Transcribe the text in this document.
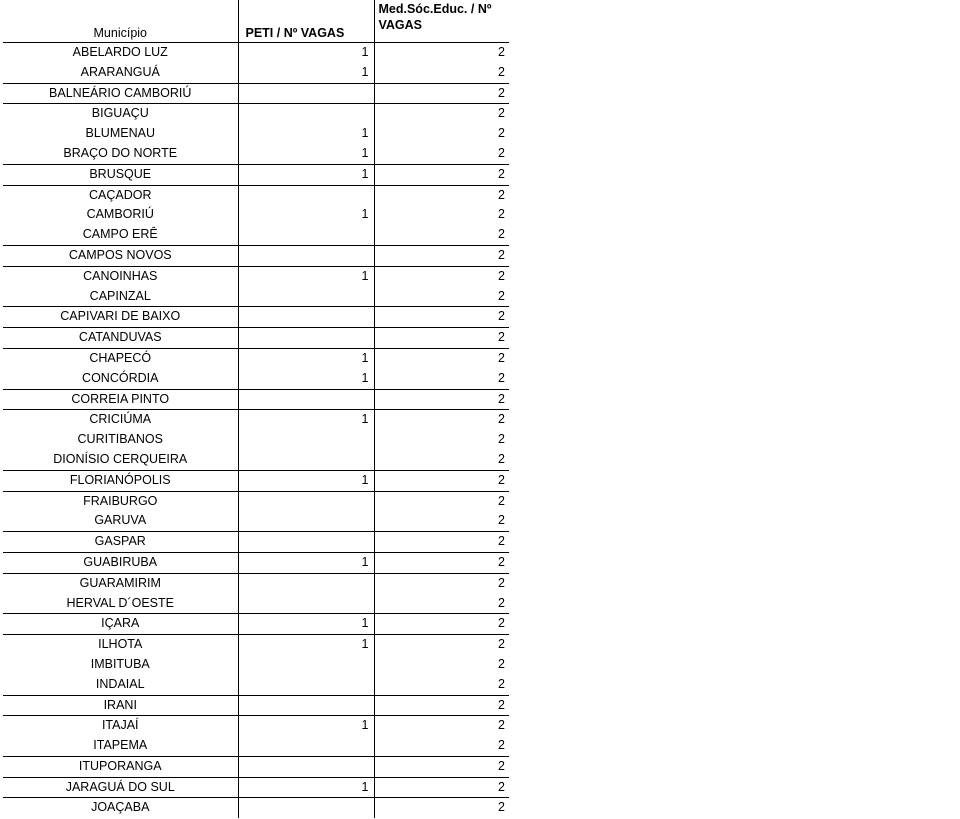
Município	PETI / Nº VAGAS	Med.Sóc.Educ. / Nº VAGAS
ABELARDO LUZ	1	2
ARARANGUÁ	1	2
BALNEÁRIO CAMBORIÚ		2
BIGUAÇU		2
BLUMENAU	1	2
BRAÇO DO NORTE	1	2
BRUSQUE	1	2
CAÇADOR		2
CAMBORIÚ	1	2
CAMPO ERÊ		2
CAMPOS NOVOS		2
CANOINHAS	1	2
CAPINZAL		2
CAPIVARI DE BAIXO		2
CATANDUVAS		2
CHAPECÓ	1	2
CONCÓRDIA	1	2
CORREIA PINTO		2
CRICIÚMA	1	2
CURITIBANOS		2
DIONÍSIO CERQUEIRA		2
FLORIANÓPOLIS	1	2
FRAIBURGO		2
GARUVA		2
GASPAR		2
GUABIRUBA	1	2
GUARAMIRIM		2
HERVAL D´OESTE		2
IÇARA	1	2
ILHOTA	1	2
IMBITUBA		2
INDAIAL		2
IRANI		2
ITAJAÍ	1	2
ITAPEMA		2
ITUPORANGA		2
JARAGUÁ DO SUL	1	2
JOAÇABA		2
